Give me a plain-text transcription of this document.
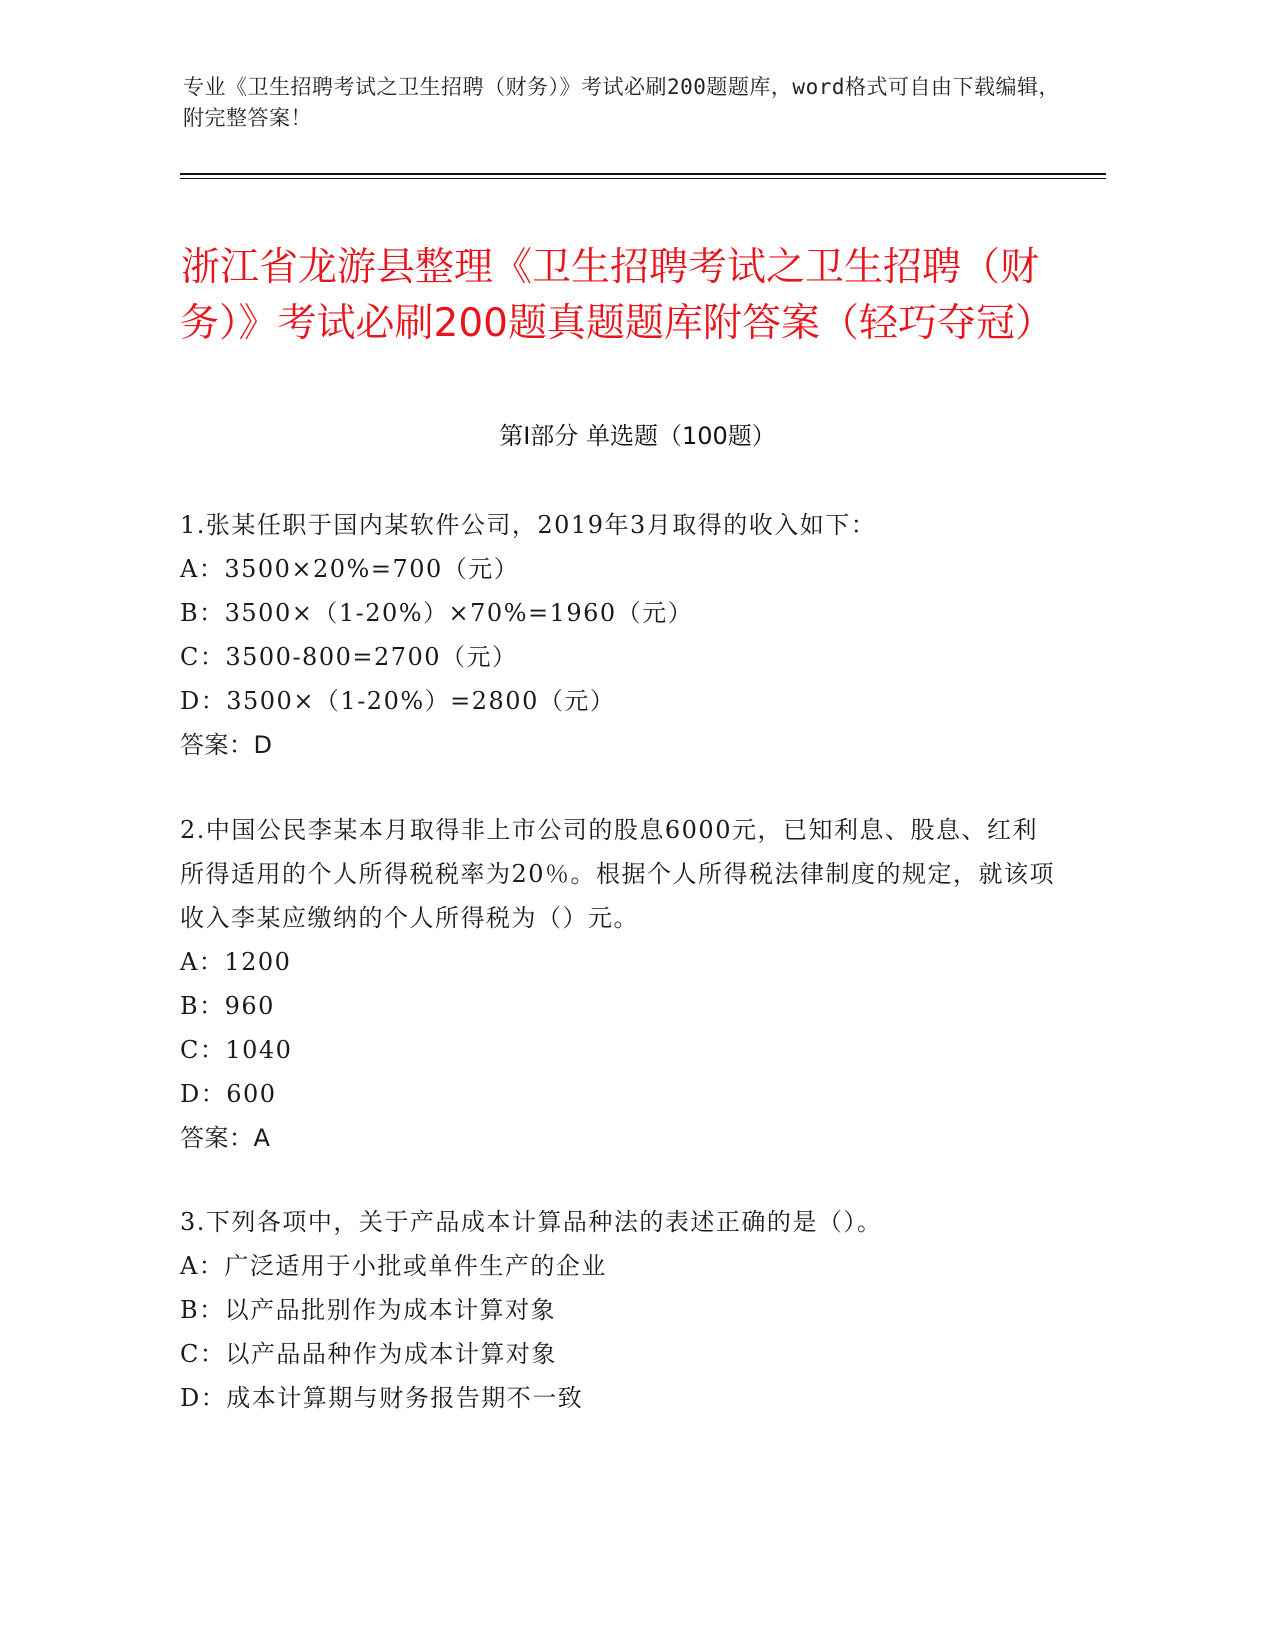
专业《卫生招聘考试之卫生招聘（财务）》考试必刷200题题库，word格式可自由下载编辑，附完整答案！
浙江省龙游县整理《卫生招聘考试之卫生招聘（财务）》考试必刷200题真题题库附答案（轻巧夺冠）
第Ⅰ部分 单选题（100题）

1.张某任职于国内某软件公司，2019年3月取得的收入如下：

A：3500×20%=700（元）

B：3500×（1-20%）×70%=1960（元）

C：3500-800=2700（元）

D：3500×（1-20%）=2800（元）

答案：D

2.中国公民李某本月取得非上市公司的股息6000元，已知利息、股息、红利所得适用的个人所得税税率为20％。根据个人所得税法律制度的规定，就该项收入李某应缴纳的个人所得税为（）元。

A：1200

B：960

C：1040

D：600

答案：A

3.下列各项中，关于产品成本计算品种法的表述正确的是（）。

A：广泛适用于小批或单件生产的企业

B：以产品批别作为成本计算对象

C：以产品品种作为成本计算对象

D：成本计算期与财务报告期不一致
